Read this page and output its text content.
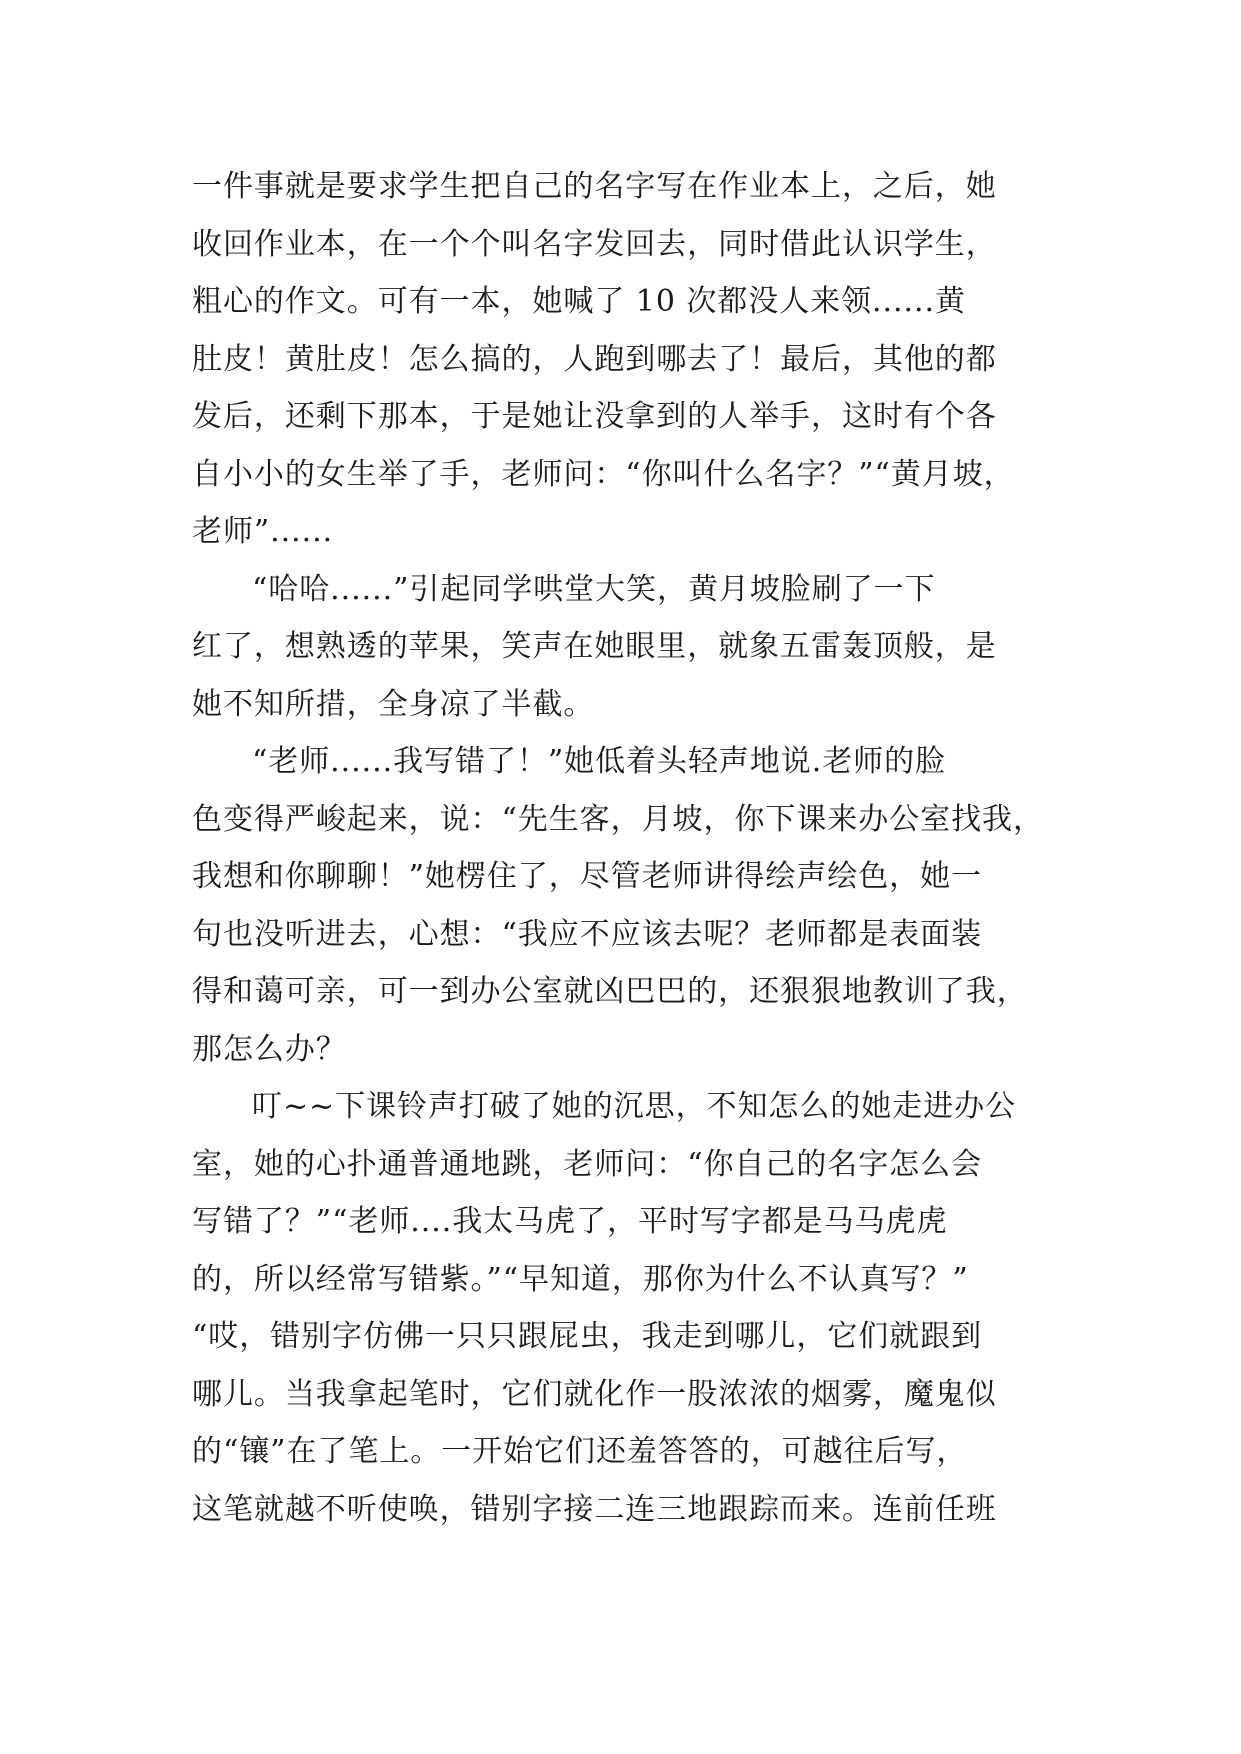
一件事就是要求学生把自己的名字写在作业本上，之后，她
收回作业本，在一个个叫名字发回去，同时借此认识学生，
粗心的作文。可有一本，她喊了 10 次都没人来领......黄
肚皮！黄肚皮！怎么搞的，人跑到哪去了！最后，其他的都
发后，还剩下那本，于是她让没拿到的人举手，这时有个各
自小小的女生举了手，老师问：“你叫什么名字？”“黄月坡，
老师”......
“哈哈......”引起同学哄堂大笑，黄月坡脸刷了一下
红了，想熟透的苹果，笑声在她眼里，就象五雷轰顶般，是
她不知所措，全身凉了半截。
“老师......我写错了！”她低着头轻声地说.老师的脸
色变得严峻起来，说：“先生客，月坡，你下课来办公室找我，
我想和你聊聊！”她楞住了，尽管老师讲得绘声绘色，她一
句也没听进去，心想：“我应不应该去呢？老师都是表面装
得和蔼可亲，可一到办公室就凶巴巴的，还狠狠地教训了我，
那怎么办？
叮~~下课铃声打破了她的沉思，不知怎么的她走进办公
室，她的心扑通普通地跳，老师问：“你自己的名字怎么会
写错了？”“老师....我太马虎了，平时写字都是马马虎虎
的，所以经常写错紫。”“早知道，那你为什么不认真写？”
“哎，错别字仿佛一只只跟屁虫，我走到哪儿，它们就跟到
哪儿。当我拿起笔时，它们就化作一股浓浓的烟雾，魔鬼似
的“镶”在了笔上。一开始它们还羞答答的，可越往后写，
这笔就越不听使唤，错别字接二连三地跟踪而来。连前任班
